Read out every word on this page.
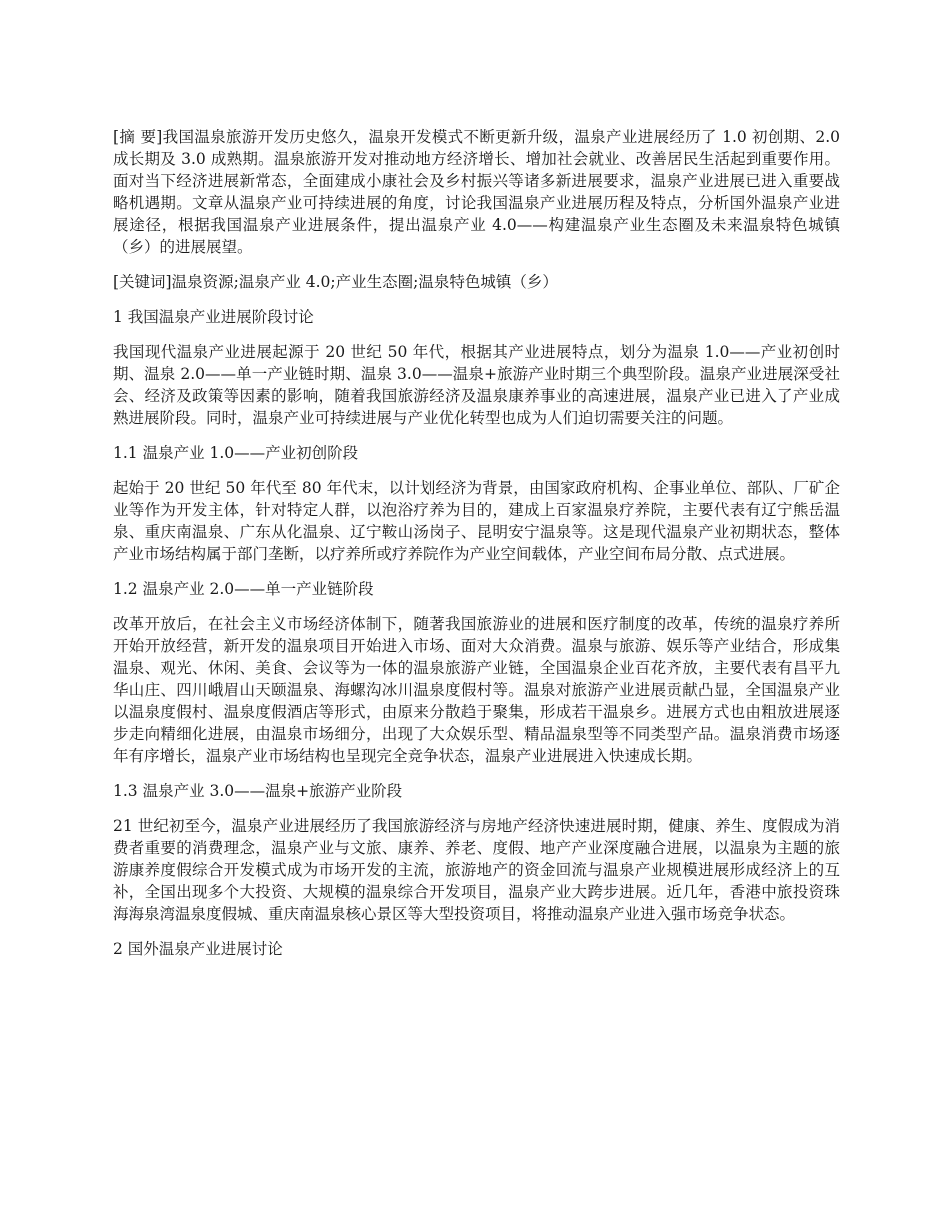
[摘 要]我国温泉旅游开发历史悠久，温泉开发模式不断更新升级，温泉产业进展经历了 1.0 初创期、2.0 成长期及 3.0 成熟期。温泉旅游开发对推动地方经济增长、增加社会就业、改善居民生活起到重要作用。面对当下经济进展新常态，全面建成小康社会及乡村振兴等诸多新进展要求，温泉产业进展已进入重要战略机遇期。文章从温泉产业可持续进展的角度，讨论我国温泉产业进展历程及特点，分析国外温泉产业进展途径，根据我国温泉产业进展条件，提出温泉产业 4.0——构建温泉产业生态圈及未来温泉特色城镇（乡）的进展展望。

[关键词]温泉资源;温泉产业 4.0;产业生态圈;温泉特色城镇（乡）

1 我国温泉产业进展阶段讨论

我国现代温泉产业进展起源于 20 世纪 50 年代，根据其产业进展特点，划分为温泉 1.0——产业初创时期、温泉 2.0——单一产业链时期、温泉 3.0——温泉+旅游产业时期三个典型阶段。温泉产业进展深受社会、经济及政策等因素的影响，随着我国旅游经济及温泉康养事业的高速进展，温泉产业已进入了产业成熟进展阶段。同时，温泉产业可持续进展与产业优化转型也成为人们迫切需要关注的问题。

1.1 温泉产业 1.0——产业初创阶段

起始于 20 世纪 50 年代至 80 年代末，以计划经济为背景，由国家政府机构、企事业单位、部队、厂矿企业等作为开发主体，针对特定人群，以泡浴疗养为目的，建成上百家温泉疗养院，主要代表有辽宁熊岳温泉、重庆南温泉、广东从化温泉、辽宁鞍山汤岗子、昆明安宁温泉等。这是现代温泉产业初期状态，整体产业市场结构属于部门垄断，以疗养所或疗养院作为产业空间载体，产业空间布局分散、点式进展。

1.2 温泉产业 2.0——单一产业链阶段

改革开放后，在社会主义市场经济体制下，随著我国旅游业的进展和医疗制度的改革，传统的温泉疗养所开始开放经营，新开发的温泉项目开始进入市场、面对大众消费。温泉与旅游、娱乐等产业结合，形成集温泉、观光、休闲、美食、会议等为一体的温泉旅游产业链，全国温泉企业百花齐放，主要代表有昌平九华山庄、四川峨眉山天颐温泉、海螺沟冰川温泉度假村等。温泉对旅游产业进展贡献凸显，全国温泉产业以温泉度假村、温泉度假酒店等形式，由原来分散趋于聚集，形成若干温泉乡。进展方式也由粗放进展逐步走向精细化进展，由温泉市场细分，出现了大众娱乐型、精品温泉型等不同类型产品。温泉消费市场逐年有序增长，温泉产业市场结构也呈现完全竞争状态，温泉产业进展进入快速成长期。

1.3 温泉产业 3.0——温泉+旅游产业阶段

21 世纪初至今，温泉产业进展经历了我国旅游经济与房地产经济快速进展时期，健康、养生、度假成为消费者重要的消费理念，温泉产业与文旅、康养、养老、度假、地产产业深度融合进展，以温泉为主题的旅游康养度假综合开发模式成为市场开发的主流，旅游地产的资金回流与温泉产业规模进展形成经济上的互补，全国出现多个大投资、大规模的温泉综合开发项目，温泉产业大跨步进展。近几年，香港中旅投资珠海海泉湾温泉度假城、重庆南温泉核心景区等大型投资项目，将推动温泉产业进入强市场竞争状态。

2 国外温泉产业进展讨论
